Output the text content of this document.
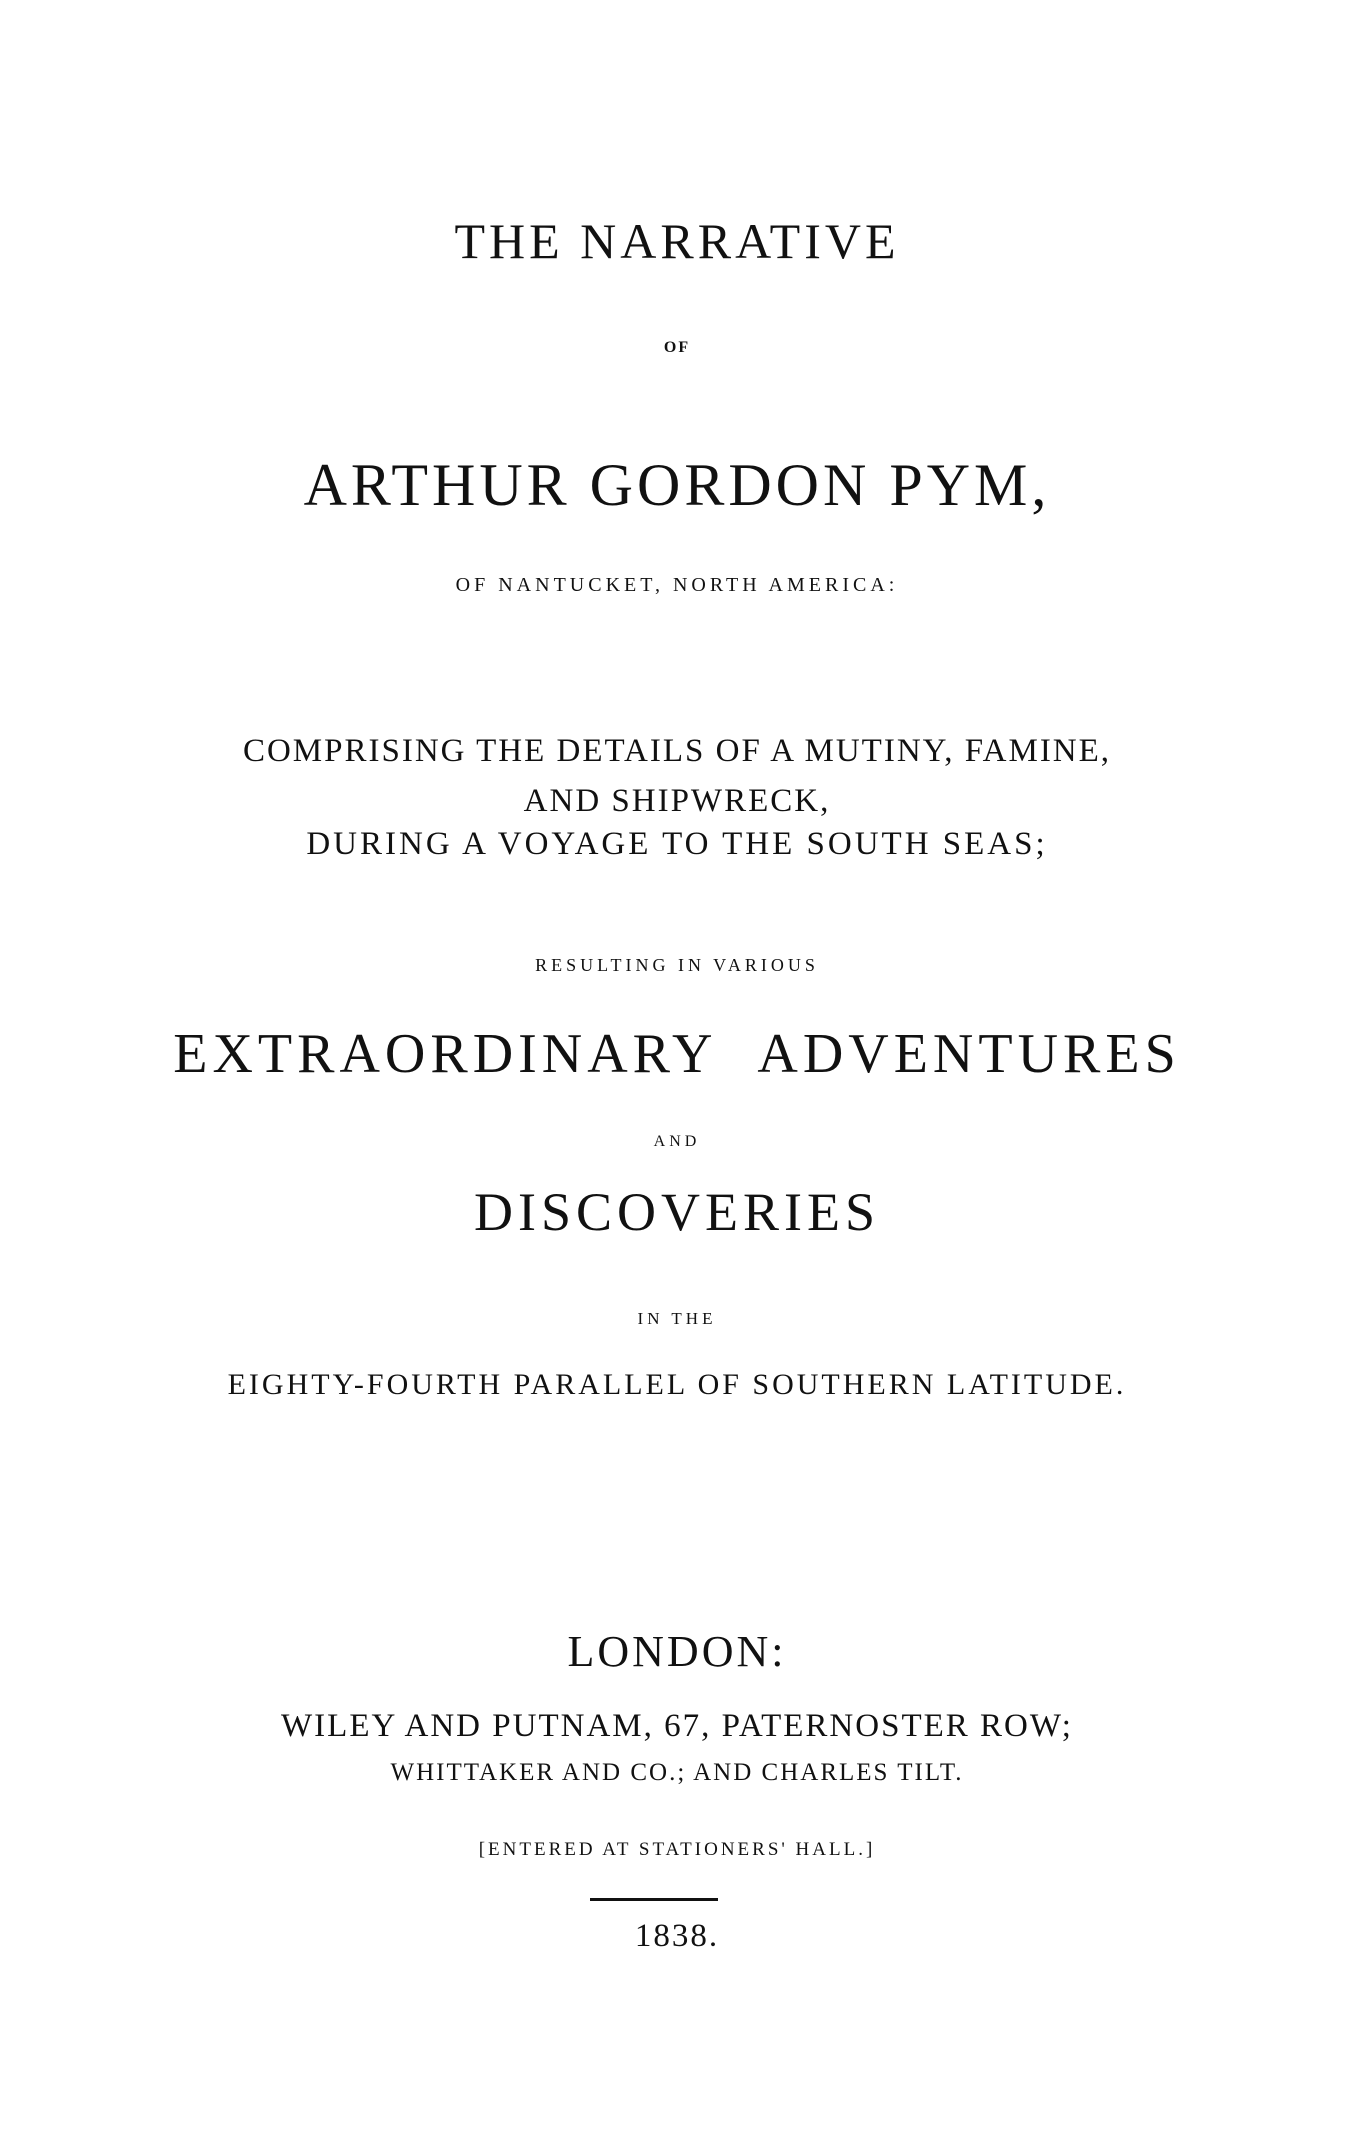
THE NARRATIVE
OF
ARTHUR GORDON PYM,
OF NANTUCKET, NORTH AMERICA:
COMPRISING THE DETAILS OF A MUTINY, FAMINE,
AND SHIPWRECK,
DURING A VOYAGE TO THE SOUTH SEAS;
RESULTING IN VARIOUS
EXTRAORDINARY ADVENTURES
AND
DISCOVERIES
IN THE
EIGHTY-FOURTH PARALLEL OF SOUTHERN LATITUDE.
LONDON:
WILEY AND PUTNAM, 67, PATERNOSTER ROW;
WHITTAKER AND CO.; AND CHARLES TILT.
[ENTERED AT STATIONERS' HALL.]
1838.
